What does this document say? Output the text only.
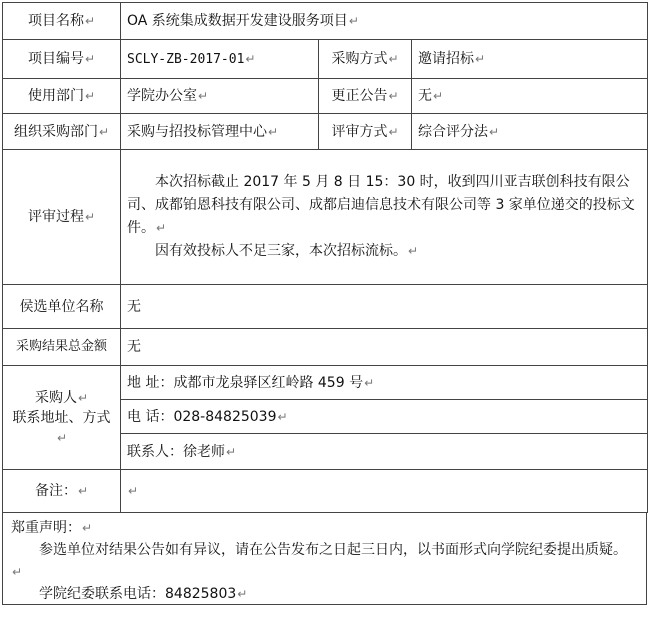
项目名称↵	OA 系统集成数据开发建设服务项目↵		
项目编号↵	SCLY-ZB-2017-01↵	采购方式↵	邀请招标↵
使用部门↵	学院办公室↵	更正公告↵	无↵
组织采购部门↵	采购与招投标管理中心↵	评审方式↵	综合评分法↵
评审过程↵	本次招标截止 2017 年 5 月 8 日 15：30 时，收到四川亚吉联创科技有限公司、成都铂恩科技有限公司、成都启迪信息技术有限公司等 3 家单位递交的投标文件。↵

因有效投标人不足三家，本次招标流标。↵		

侯选单位名称	无		
采购结果总金额	无		

采购人↵
联系地址、方式↵	地 址：成都市龙泉驿区红岭路 459 号↵		
	电 话：028-84825039↵		
	联系人：徐老师↵		
备注：↵	↵		

郑重声明：↵

参选单位对结果公告如有异议，请在公告发布之日起三日内，以书面形式向学院纪委提出质疑。↵

学院纪委联系电话：84825803↵
